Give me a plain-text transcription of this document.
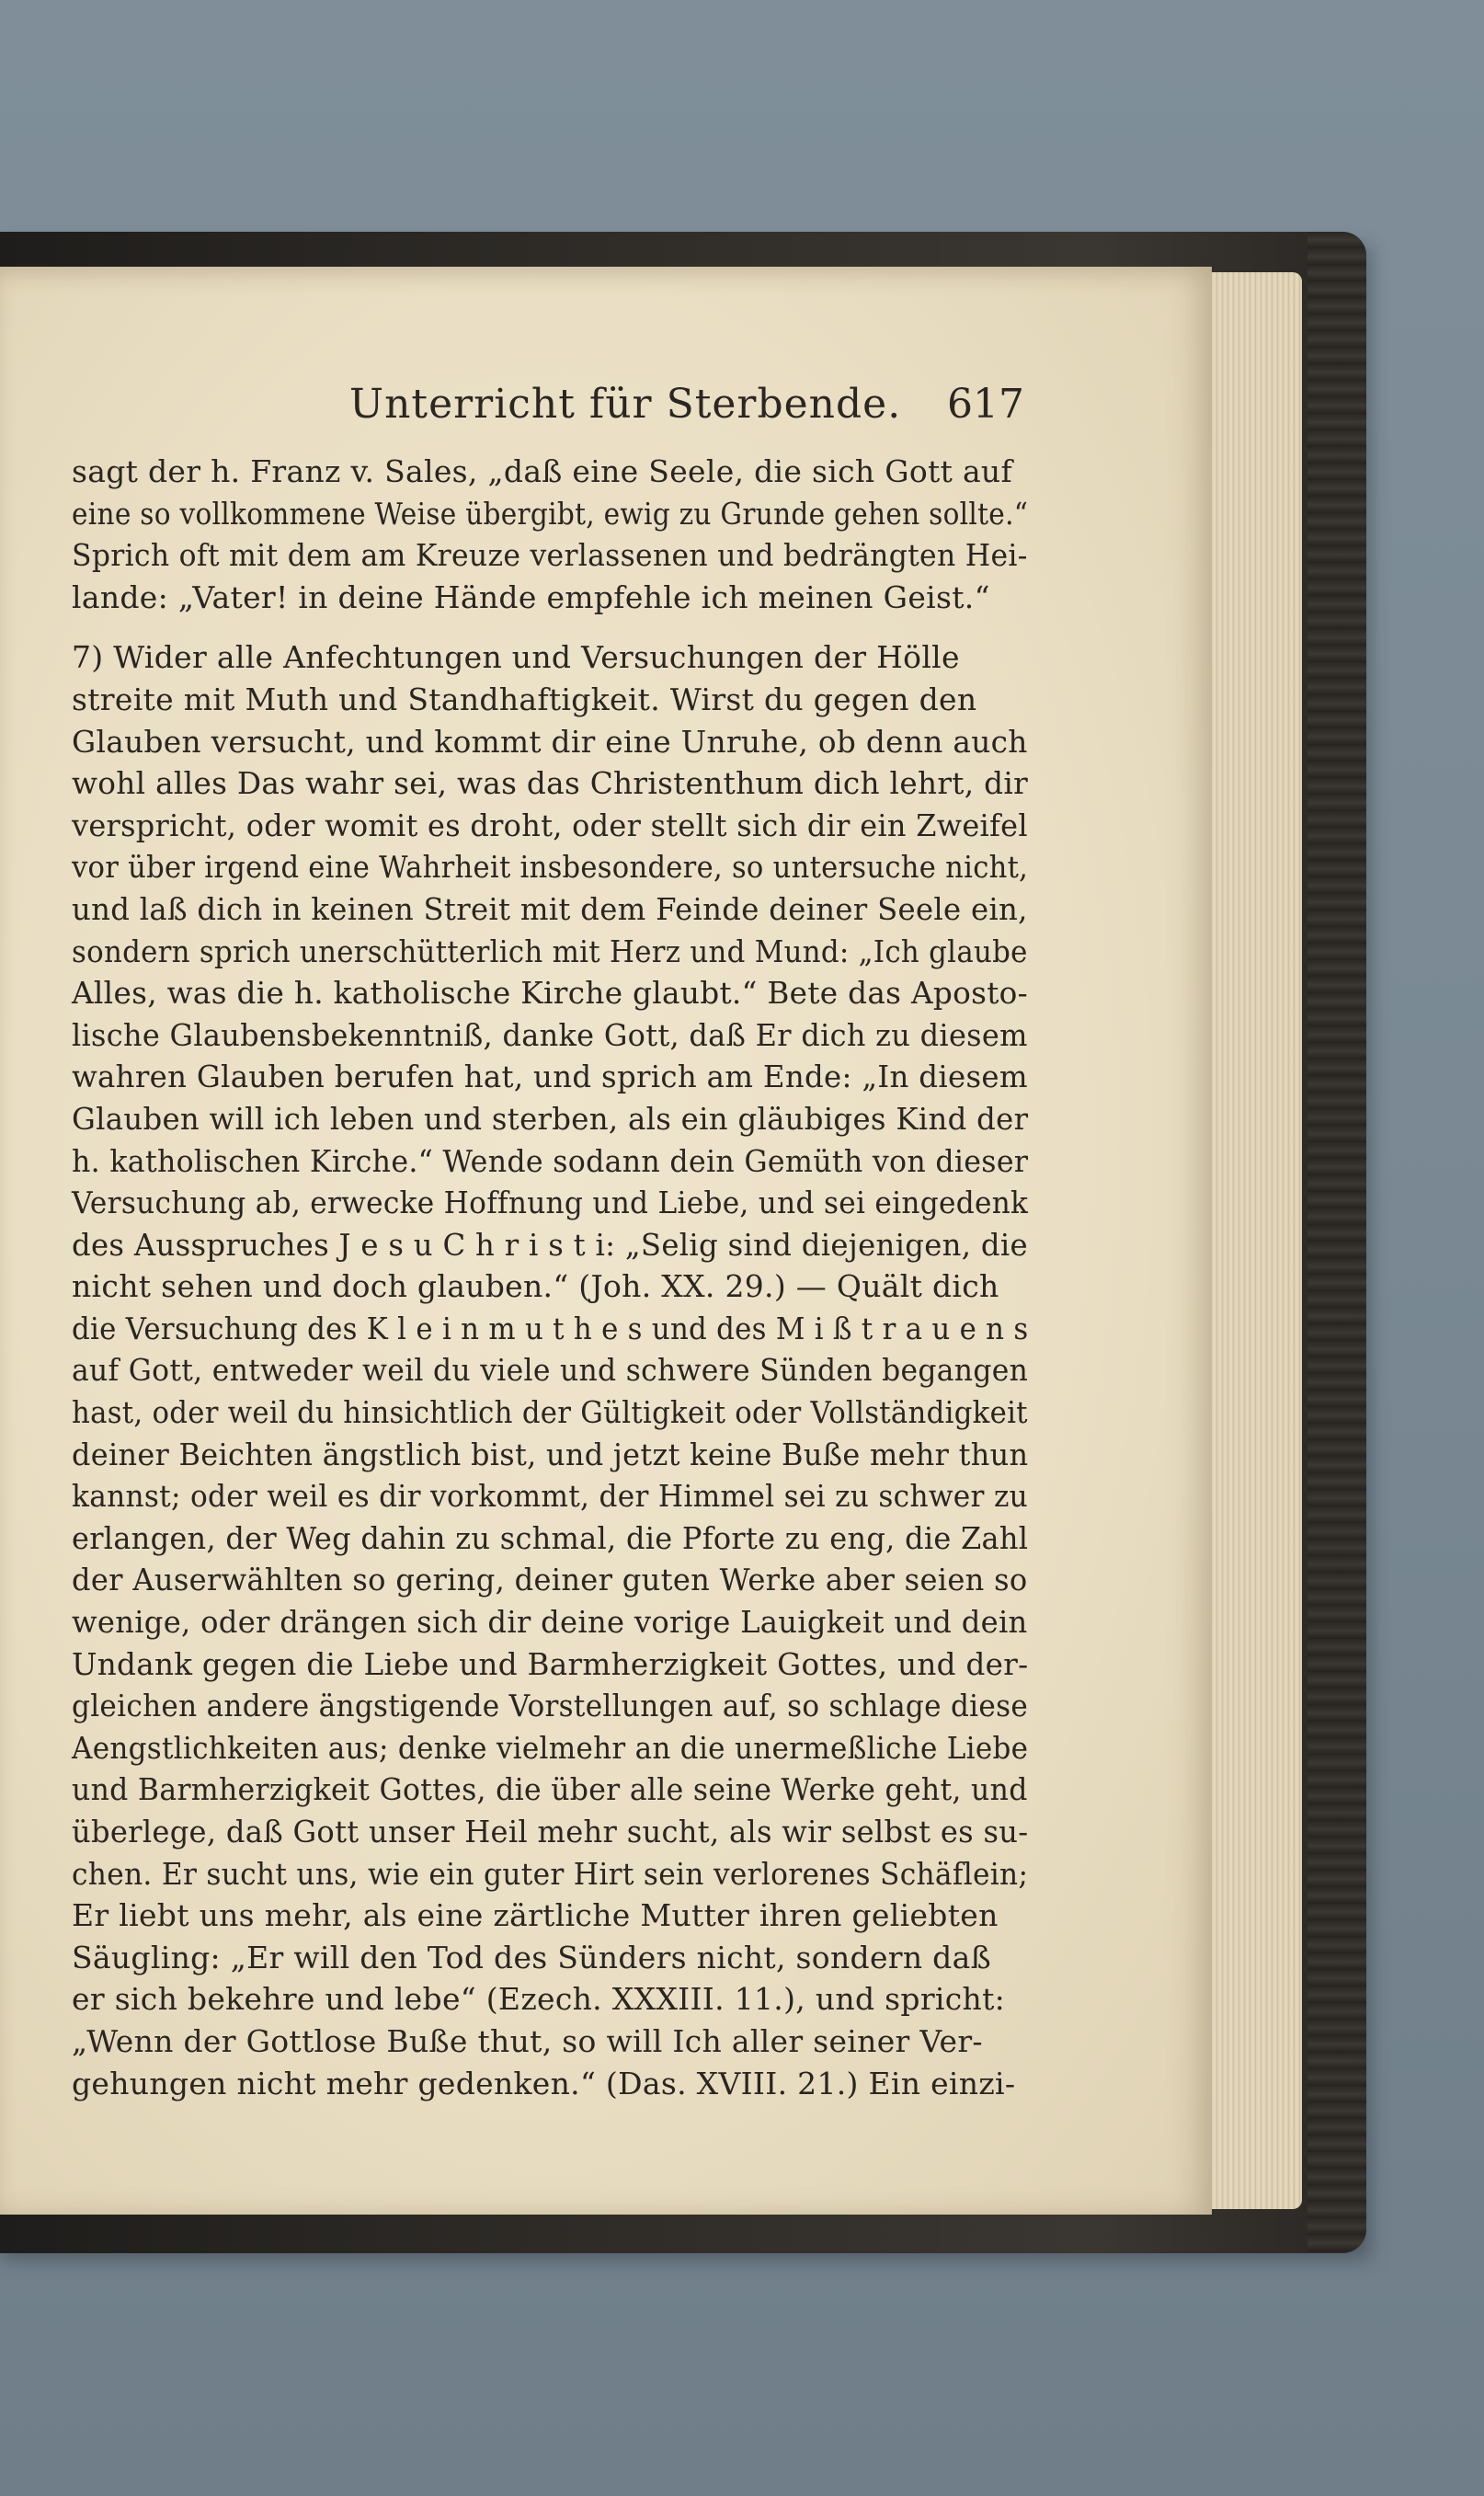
Unterricht für Sterbende. 617
sagt der h. Franz v. Sales, „daß eine Seele, die sich Gott auf
eine so vollkommene Weise übergibt, ewig zu Grunde gehen sollte.“
Sprich oft mit dem am Kreuze verlassenen und bedrängten Hei-
lande: „Vater! in deine Hände empfehle ich meinen Geist.“
7) Wider alle Anfechtungen und Versuchungen der Hölle
streite mit Muth und Standhaftigkeit. Wirst du gegen den
Glauben versucht, und kommt dir eine Unruhe, ob denn auch
wohl alles Das wahr sei, was das Christenthum dich lehrt, dir
verspricht, oder womit es droht, oder stellt sich dir ein Zweifel
vor über irgend eine Wahrheit insbesondere, so untersuche nicht,
und laß dich in keinen Streit mit dem Feinde deiner Seele ein,
sondern sprich unerschütterlich mit Herz und Mund: „Ich glaube
Alles, was die h. katholische Kirche glaubt.“ Bete das Aposto-
lische Glaubensbekenntniß, danke Gott, daß Er dich zu diesem
wahren Glauben berufen hat, und sprich am Ende: „In diesem
Glauben will ich leben und sterben, als ein gläubiges Kind der
h. katholischen Kirche.“ Wende sodann dein Gemüth von dieser
Versuchung ab, erwecke Hoffnung und Liebe, und sei eingedenk
des Ausspruches J e s u C h r i s t i: „Selig sind diejenigen, die
nicht sehen und doch glauben.“ (Joh. XX. 29.) — Quält dich
die Versuchung des K l e i n m u t h e s und des M i ß t r a u e n s
auf Gott, entweder weil du viele und schwere Sünden begangen
hast, oder weil du hinsichtlich der Gültigkeit oder Vollständigkeit
deiner Beichten ängstlich bist, und jetzt keine Buße mehr thun
kannst; oder weil es dir vorkommt, der Himmel sei zu schwer zu
erlangen, der Weg dahin zu schmal, die Pforte zu eng, die Zahl
der Auserwählten so gering, deiner guten Werke aber seien so
wenige, oder drängen sich dir deine vorige Lauigkeit und dein
Undank gegen die Liebe und Barmherzigkeit Gottes, und der-
gleichen andere ängstigende Vorstellungen auf, so schlage diese
Aengstlichkeiten aus; denke vielmehr an die unermeßliche Liebe
und Barmherzigkeit Gottes, die über alle seine Werke geht, und
überlege, daß Gott unser Heil mehr sucht, als wir selbst es su-
chen. Er sucht uns, wie ein guter Hirt sein verlorenes Schäflein;
Er liebt uns mehr, als eine zärtliche Mutter ihren geliebten
Säugling: „Er will den Tod des Sünders nicht, sondern daß
er sich bekehre und lebe“ (Ezech. XXXIII. 11.), und spricht:
„Wenn der Gottlose Buße thut, so will Ich aller seiner Ver-
gehungen nicht mehr gedenken.“ (Das. XVIII. 21.) Ein einzi-
